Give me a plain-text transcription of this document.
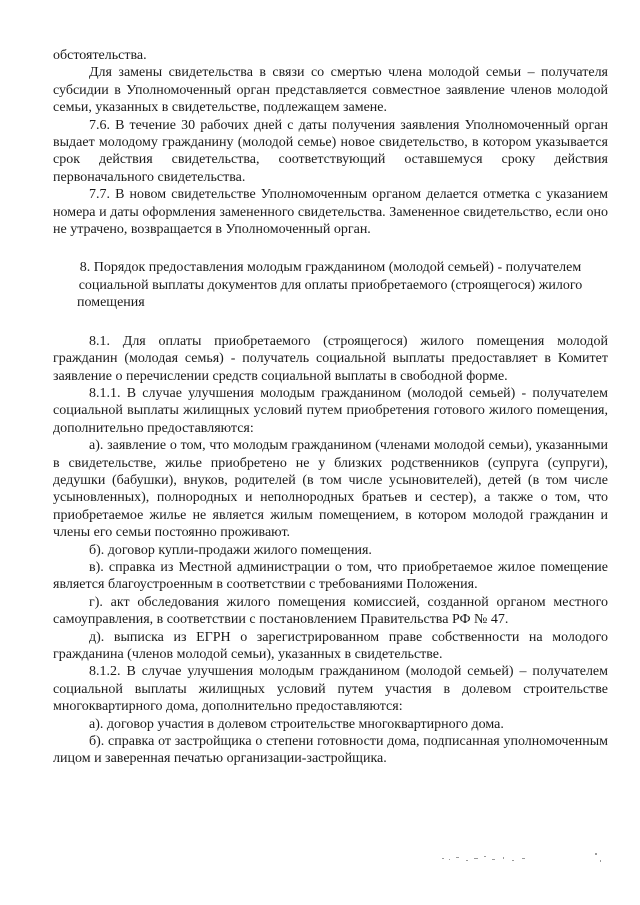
обстоятельства.

Для замены свидетельства в связи со смертью члена молодой семьи – получателя субсидии в Уполномоченный орган представляется совместное заявление членов молодой семьи, указанных в свидетельстве, подлежащем замене.

7.6. В течение 30 рабочих дней с даты получения заявления Уполномоченный орган выдает молодому гражданину (молодой семье) новое свидетельство, в котором указывается срок действия свидетельства, соответствующий оставшемуся сроку действия первоначального свидетельства.

7.7. В новом свидетельстве Уполномоченным органом делается отметка с указанием номера и даты оформления замененного свидетельства. Замененное свидетельство, если оно не утрачено, возвращается в Уполномоченный орган.

8. Порядок предоставления молодым гражданином (молодой семьей) - получателем социальной выплаты документов для оплаты приобретаемого (строящегося) жилого помещения

8.1. Для оплаты приобретаемого (строящегося) жилого помещения молодой гражданин (молодая семья) - получатель социальной выплаты предоставляет в Комитет заявление о перечислении средств социальной выплаты в свободной форме.

8.1.1. В случае улучшения молодым гражданином (молодой семьей) - получателем социальной выплаты жилищных условий путем приобретения готового жилого помещения, дополнительно предоставляются:

а). заявление о том, что молодым гражданином (членами молодой семьи), указанными в свидетельстве, жилье приобретено не у близких родственников (супруга (супруги), дедушки (бабушки), внуков, родителей (в том числе усыновителей), детей (в том числе усыновленных), полнородных и неполнородных братьев и сестер), а также о том, что приобретаемое жилье не является жилым помещением, в котором молодой гражданин и члены его семьи постоянно проживают.

б). договор купли-продажи жилого помещения.

в). справка из Местной администрации о том, что приобретаемое жилое помещение является благоустроенным в соответствии с требованиями Положения.

г). акт обследования жилого помещения комиссией, созданной органом местного самоуправления, в соответствии с постановлением Правительства РФ № 47.

д). выписка из ЕГРН о зарегистрированном праве собственности на молодого гражданина (членов молодой семьи), указанных в свидетельстве.

8.1.2. В случае улучшения молодым гражданином (молодой семьей) – получателем социальной выплаты жилищных условий путем участия в долевом строительстве многоквартирного дома, дополнительно предоставляются:

а). договор участия в долевом строительстве многоквартирного дома.

б). справка от застройщика о степени готовности дома, подписанная уполномоченным лицом и заверенная печатью организации-застройщика.
